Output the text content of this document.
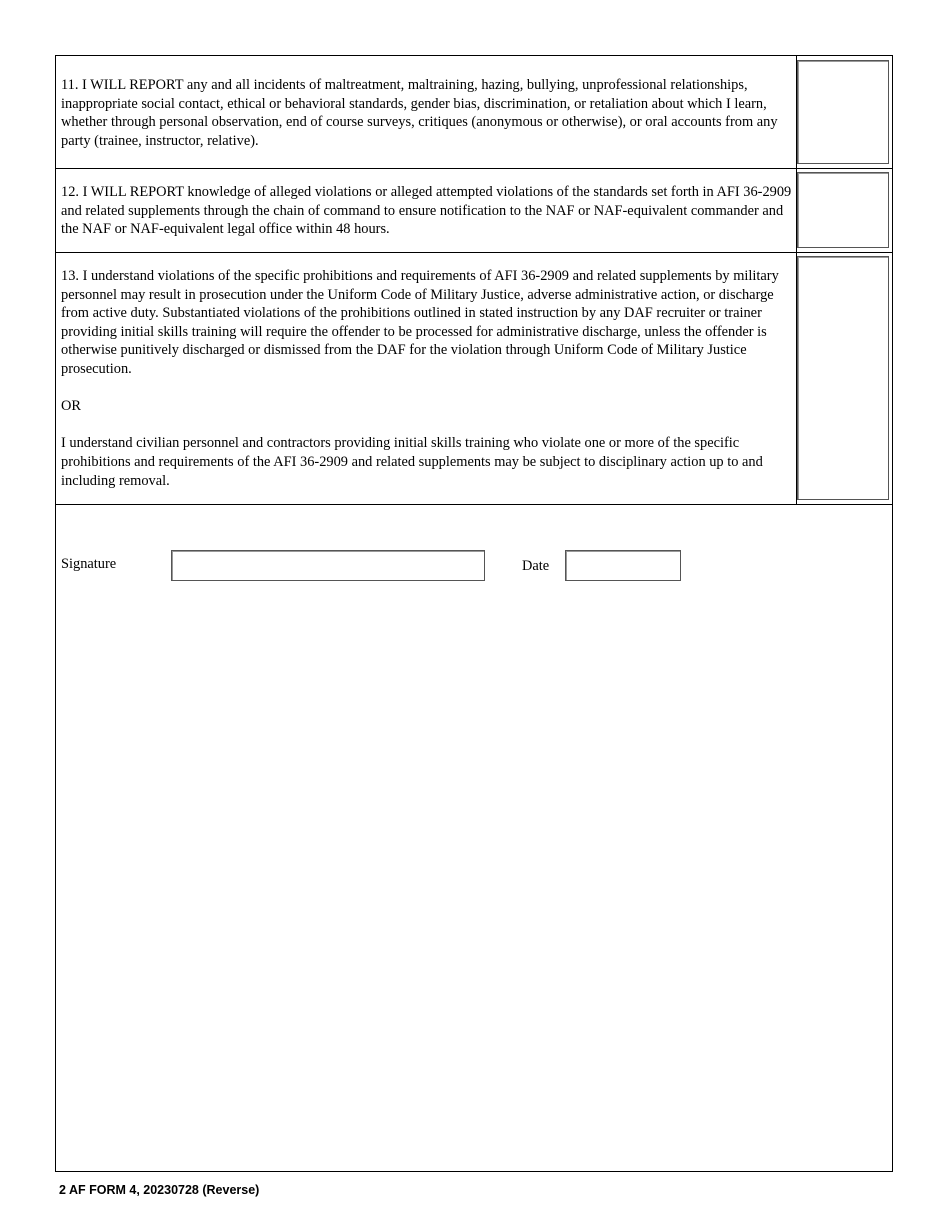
11. I WILL REPORT any and all incidents of maltreatment, maltraining, hazing, bullying, unprofessional relationships, inappropriate social contact, ethical or behavioral standards, gender bias, discrimination, or retaliation about which I learn, whether through personal observation, end of course surveys, critiques (anonymous or otherwise), or oral accounts from any party (trainee, instructor, relative).
12. I WILL REPORT knowledge of alleged violations or alleged attempted violations of the standards set forth in AFI 36-2909 and related supplements through the chain of command to ensure notification to the NAF or NAF-equivalent commander and the NAF or NAF-equivalent legal office within 48 hours.
13. I understand violations of the specific prohibitions and requirements of AFI 36-2909 and related supplements by military personnel may result in prosecution under the Uniform Code of Military Justice, adverse administrative action, or discharge from active duty. Substantiated violations of the prohibitions outlined in stated instruction by any DAF recruiter or trainer providing initial skills training will require the offender to be processed for administrative discharge, unless the offender is otherwise punitively discharged or dismissed from the DAF for the violation through Uniform Code of Military Justice prosecution.

OR

I understand civilian personnel and contractors providing initial skills training who violate one or more of the specific prohibitions and requirements of the AFI 36-2909 and related supplements may be subject to disciplinary action up to and including removal.
Signature	Date
2 AF FORM 4, 20230728 (Reverse)
